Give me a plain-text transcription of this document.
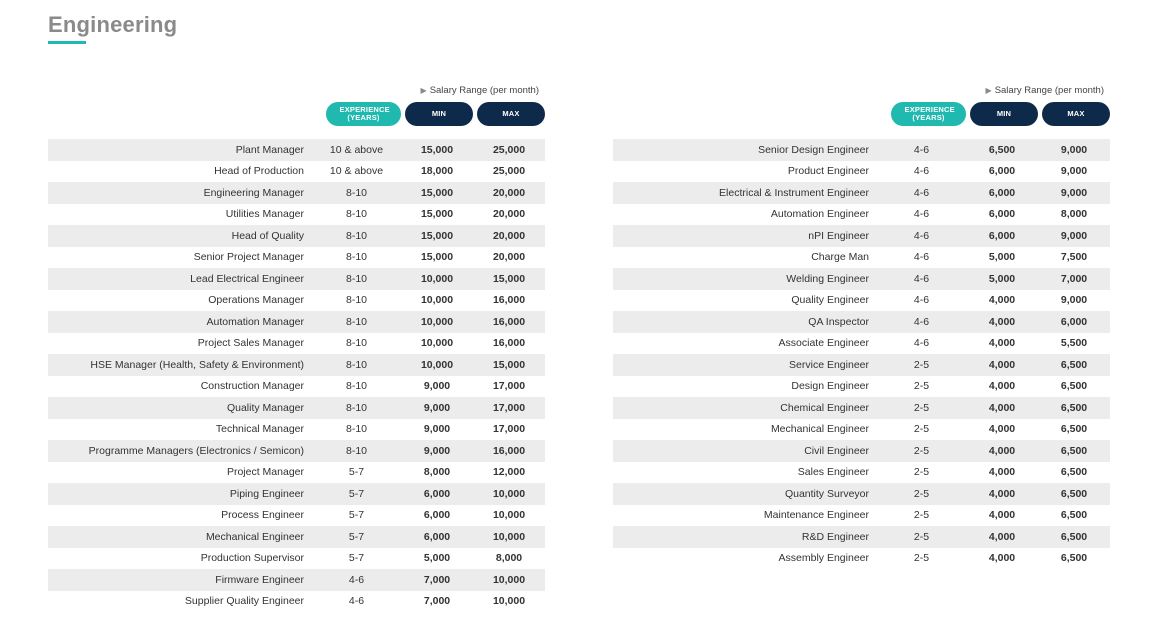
Engineering
▶ Salary Range (per month)
EXPERIENCE (YEARS)	MIN	MAX
Plant Manager	10 & above	15,000	25,000
Head of Production	10 & above	18,000	25,000
Engineering Manager	8-10	15,000	20,000
Utilities Manager	8-10	15,000	20,000
Head of Quality	8-10	15,000	20,000
Senior Project Manager	8-10	15,000	20,000
Lead Electrical Engineer	8-10	10,000	15,000
Operations Manager	8-10	10,000	16,000
Automation Manager	8-10	10,000	16,000
Project Sales Manager	8-10	10,000	16,000
HSE Manager (Health, Safety & Environment)	8-10	10,000	15,000
Construction Manager	8-10	9,000	17,000
Quality Manager	8-10	9,000	17,000
Technical Manager	8-10	9,000	17,000
Programme Managers (Electronics / Semicon)	8-10	9,000	16,000
Project Manager	5-7	8,000	12,000
Piping Engineer	5-7	6,000	10,000
Process Engineer	5-7	6,000	10,000
Mechanical Engineer	5-7	6,000	10,000
Production Supervisor	5-7	5,000	8,000
Firmware Engineer	4-6	7,000	10,000
Supplier Quality Engineer	4-6	7,000	10,000
▶ Salary Range (per month)
EXPERIENCE (YEARS)	MIN	MAX
Senior Design Engineer	4-6	6,500	9,000
Product Engineer	4-6	6,000	9,000
Electrical & Instrument Engineer	4-6	6,000	9,000
Automation Engineer	4-6	6,000	8,000
nPI Engineer	4-6	6,000	9,000
Charge Man	4-6	5,000	7,500
Welding Engineer	4-6	5,000	7,000
Quality Engineer	4-6	4,000	9,000
QA Inspector	4-6	4,000	6,000
Associate Engineer	4-6	4,000	5,500
Service Engineer	2-5	4,000	6,500
Design Engineer	2-5	4,000	6,500
Chemical Engineer	2-5	4,000	6,500
Mechanical Engineer	2-5	4,000	6,500
Civil Engineer	2-5	4,000	6,500
Sales Engineer	2-5	4,000	6,500
Quantity Surveyor	2-5	4,000	6,500
Maintenance Engineer	2-5	4,000	6,500
R&D Engineer	2-5	4,000	6,500
Assembly Engineer	2-5	4,000	6,500
